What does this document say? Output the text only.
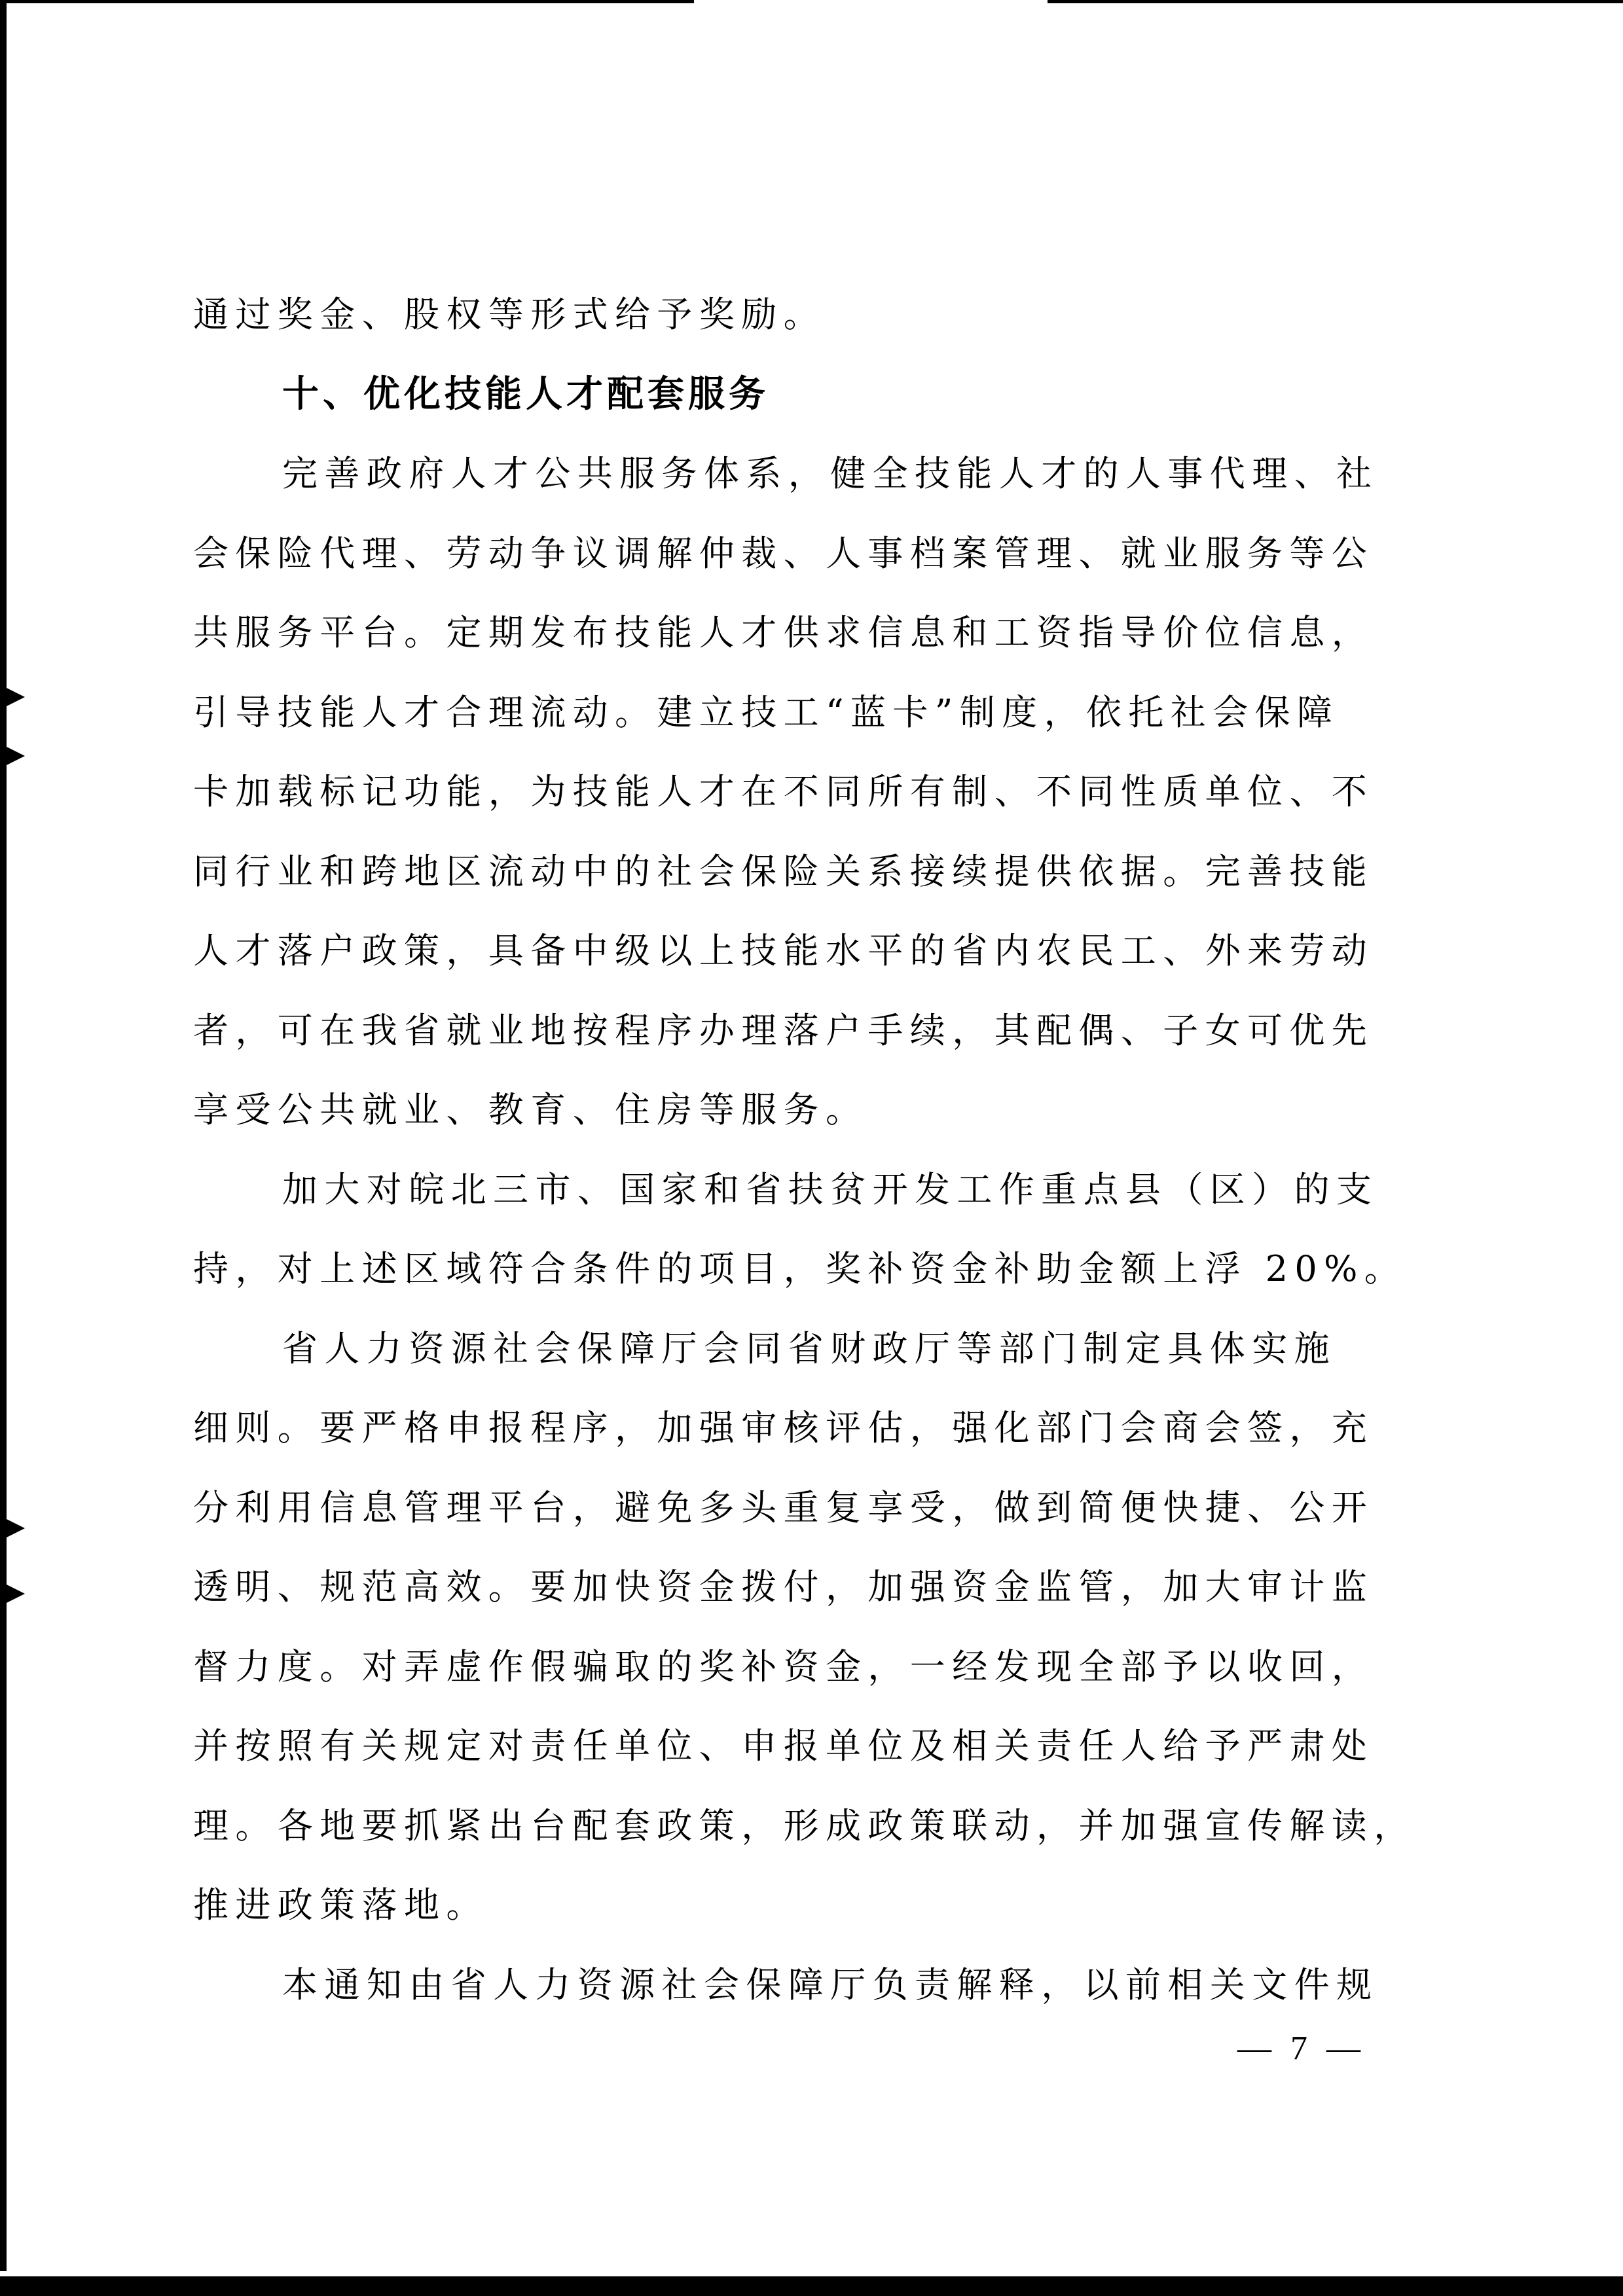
通过奖金、股权等形式给予奖励。
十、优化技能人才配套服务
完善政府人才公共服务体系，健全技能人才的人事代理、社
会保险代理、劳动争议调解仲裁、人事档案管理、就业服务等公
共服务平台。定期发布技能人才供求信息和工资指导价位信息，
引导技能人才合理流动。建立技工“蓝卡”制度，依托社会保障
卡加载标记功能，为技能人才在不同所有制、不同性质单位、不
同行业和跨地区流动中的社会保险关系接续提供依据。完善技能
人才落户政策，具备中级以上技能水平的省内农民工、外来劳动
者，可在我省就业地按程序办理落户手续，其配偶、子女可优先
享受公共就业、教育、住房等服务。
加大对皖北三市、国家和省扶贫开发工作重点县（区）的支
持，对上述区域符合条件的项目，奖补资金补助金额上浮 20%。
省人力资源社会保障厅会同省财政厅等部门制定具体实施
细则。要严格申报程序，加强审核评估，强化部门会商会签，充
分利用信息管理平台，避免多头重复享受，做到简便快捷、公开
透明、规范高效。要加快资金拨付，加强资金监管，加大审计监
督力度。对弄虚作假骗取的奖补资金，一经发现全部予以收回，
并按照有关规定对责任单位、申报单位及相关责任人给予严肃处
理。各地要抓紧出台配套政策，形成政策联动，并加强宣传解读，
推进政策落地。
本通知由省人力资源社会保障厅负责解释，以前相关文件规
— 7 —
